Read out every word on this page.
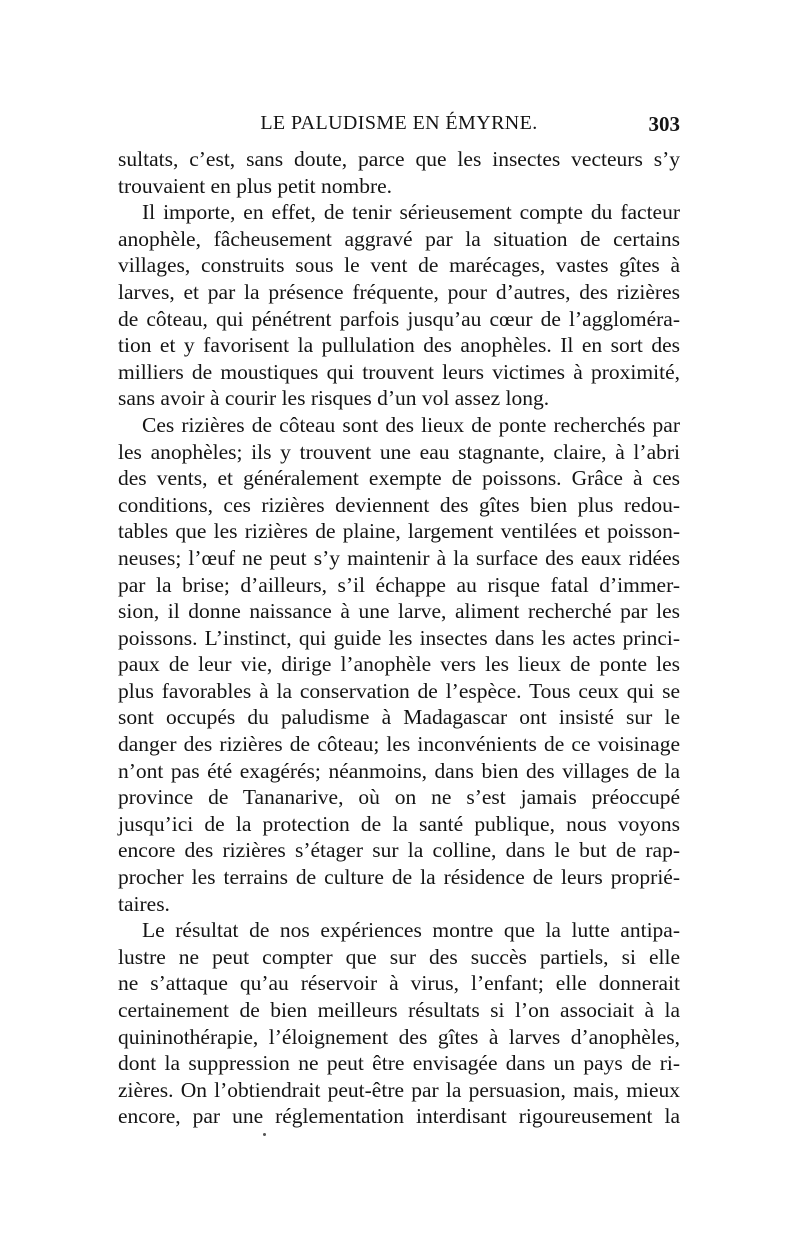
LE PALUDISME EN ÉMYRNE.	303
sultats, c’est, sans doute, parce que les insectes vecteurs s’y
trouvaient en plus petit nombre.
Il importe, en effet, de tenir sérieusement compte du facteur
anophèle, fâcheusement aggravé par la situation de certains
villages, construits sous le vent de marécages, vastes gîtes à
larves, et par la présence fréquente, pour d’autres, des rizières
de côteau, qui pénétrent parfois jusqu’au cœur de l’aggloméra-
tion et y favorisent la pullulation des anophèles. Il en sort des
milliers de moustiques qui trouvent leurs victimes à proximité,
sans avoir à courir les risques d’un vol assez long.
Ces rizières de côteau sont des lieux de ponte recherchés par
les anophèles; ils y trouvent une eau stagnante, claire, à l’abri
des vents, et généralement exempte de poissons. Grâce à ces
conditions, ces rizières deviennent des gîtes bien plus redou-
tables que les rizières de plaine, largement ventilées et poisson-
neuses; l’œuf ne peut s’y maintenir à la surface des eaux ridées
par la brise; d’ailleurs, s’il échappe au risque fatal d’immer-
sion, il donne naissance à une larve, aliment recherché par les
poissons. L’instinct, qui guide les insectes dans les actes princi-
paux de leur vie, dirige l’anophèle vers les lieux de ponte les
plus favorables à la conservation de l’espèce. Tous ceux qui se
sont occupés du paludisme à Madagascar ont insisté sur le
danger des rizières de côteau; les inconvénients de ce voisinage
n’ont pas été exagérés; néanmoins, dans bien des villages de la
province de Tananarive, où on ne s’est jamais préoccupé
jusqu’ici de la protection de la santé publique, nous voyons
encore des rizières s’étager sur la colline, dans le but de rap-
procher les terrains de culture de la résidence de leurs proprié-
taires.
Le résultat de nos expériences montre que la lutte antipa-
lustre ne peut compter que sur des succès partiels, si elle
ne s’attaque qu’au réservoir à virus, l’enfant; elle donnerait
certainement de bien meilleurs résultats si l’on associait à la
quininothérapie, l’éloignement des gîtes à larves d’anophèles,
dont la suppression ne peut être envisagée dans un pays de ri-
zières. On l’obtiendrait peut-être par la persuasion, mais, mieux
encore, par une réglementation interdisant rigoureusement la
